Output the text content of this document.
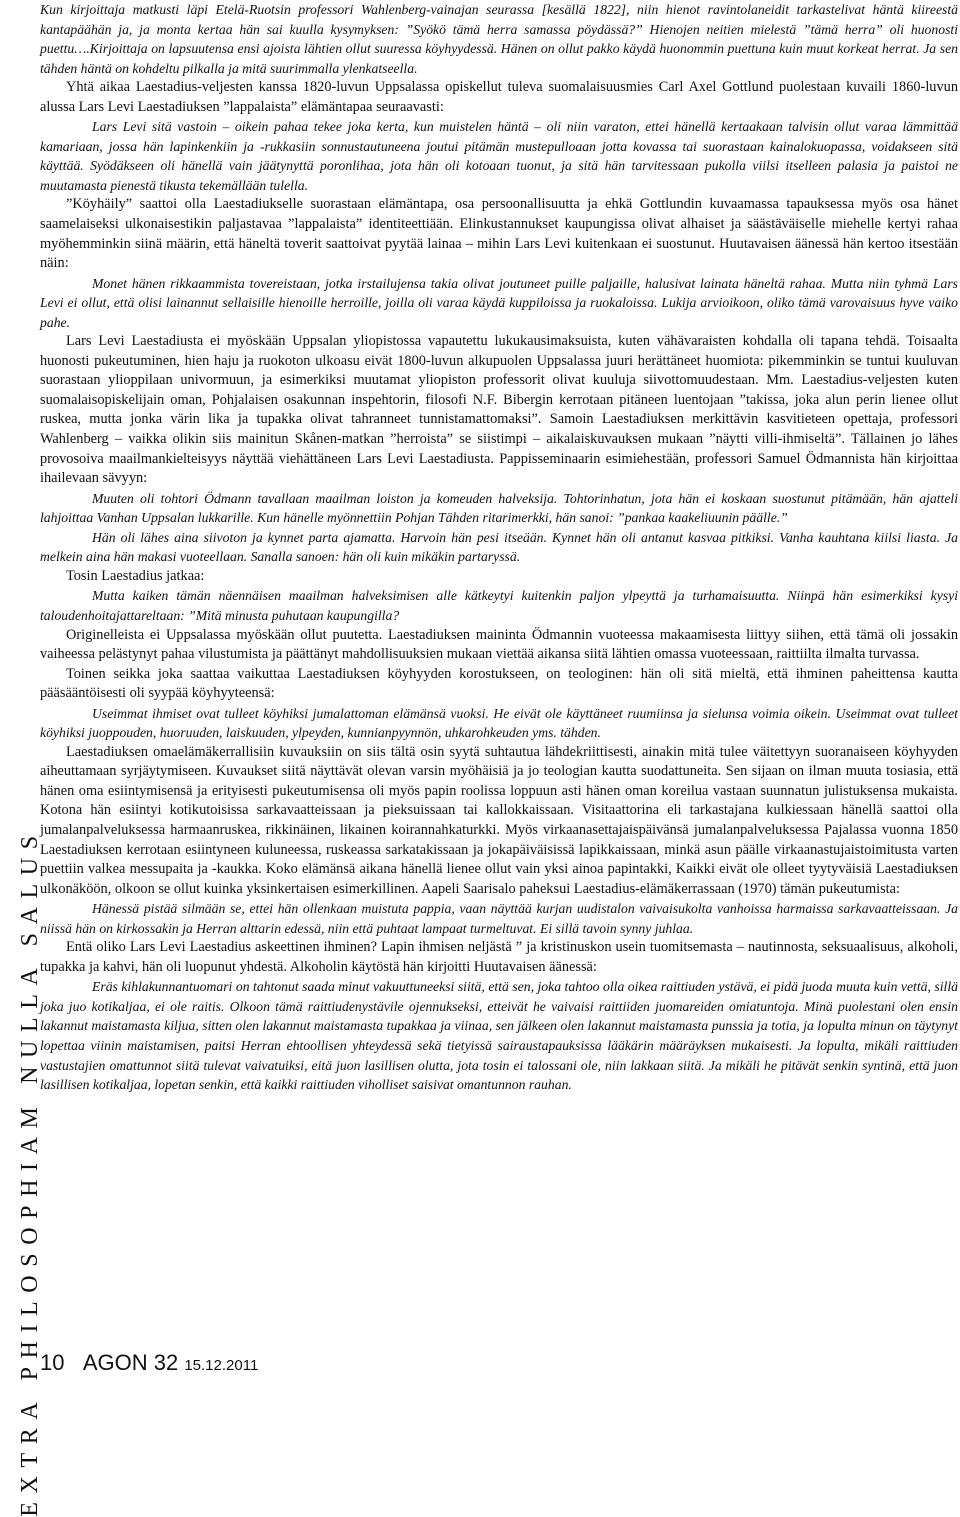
EXTRA PHILOSOPHIAM NULLA SALUS

Kun kirjoittaja matkusti läpi Etelä-Ruotsin professori Wahlenberg-vainajan seurassa [kesällä 1822], niin hienot ravintolaneidit tarkastelivat häntä kiireestä kantapäähän ja, ja monta kertaa hän sai kuulla kysymyksen: ”Syökö tämä herra samassa pöydässä?” Hienojen neitien mielestä ”tämä herra” oli huonosti puettu….Kirjoittaja on lapsuutensa ensi ajoista lähtien ollut suuressa köyhyydessä. Hänen on ollut pakko käydä huonommin puettuna kuin muut korkeat herrat. Ja sen tähden häntä on kohdeltu pilkalla ja mitä suurimmalla ylenkatseella.

Yhtä aikaa Laestadius-veljesten kanssa 1820-luvun Uppsalassa opiskellut tuleva suomalaisuusmies Carl Axel Gottlund puolestaan kuvaili 1860-luvun alussa Lars Levi Laestadiuksen ”lappalaista” elämäntapaa seuraavasti:

Lars Levi sitä vastoin – oikein pahaa tekee joka kerta, kun muistelen häntä – oli niin varaton, ettei hänellä kertaakaan talvisin ollut varaa lämmittää kamariaan, jossa hän lapinkenkiin ja -rukkasiin sonnustautuneena joutui pitämän mustepulloaan jotta kovassa tai suorastaan kainalokuopassa, voidakseen sitä käyttää. Syödäkseen oli hänellä vain jäätynyttä poronlihaa, jota hän oli kotoaan tuonut, ja sitä hän tarvitessaan pukolla viilsi itselleen palasia ja paistoi ne muutamasta pienestä tikusta tekemällään tulella.

”Köyhäily” saattoi olla Laestadiukselle suorastaan elämäntapa, osa persoonallisuutta ja ehkä Gottlundin kuvaamassa tapauksessa myös osa hänet saamelaiseksi ulkonaisestikin paljastavaa ”lappalaista” identiteettiään. Elinkustannukset kaupungissa olivat alhaiset ja säästäväiselle miehelle kertyi rahaa myöhemminkin siinä määrin, että häneltä toverit saattoivat pyytää lainaa – mihin Lars Levi kuitenkaan ei suostunut. Huutavaisen äänessä hän kertoo itsestään näin:

Monet hänen rikkaammista tovereistaan, jotka irstailujensa takia olivat joutuneet puille paljaille, halusivat lainata häneltä rahaa. Mutta niin tyhmä Lars Levi ei ollut, että olisi lainannut sellaisille hienoille herroille, joilla oli varaa käydä kuppiloissa ja ruokaloissa. Lukija arvioikoon, oliko tämä varovaisuus hyve vaiko pahe.

Lars Levi Laestadiusta ei myöskään Uppsalan yliopistossa vapautettu lukukausimaksuista, kuten vähävaraisten kohdalla oli tapana tehdä. Toisaalta huonosti pukeutuminen, hien haju ja ruokoton ulkoasu eivät 1800-luvun alkupuolen Uppsalassa juuri herättäneet huomiota: pikemminkin se tuntui kuuluvan suorastaan ylioppilaan univormuun, ja esimerkiksi muutamat yliopiston professorit olivat kuuluja siivottomuudestaan. Mm. Laestadius-veljesten kuten suomalaisopiskelijain oman, Pohjalaisen osakunnan inspehtorin, filosofi N.F. Bibergin kerrotaan pitäneen luentojaan ”takissa, joka alun perin lienee ollut ruskea, mutta jonka värin lika ja tupakka olivat tahranneet tunnistamattomaksi”. Samoin Laestadiuksen merkittävin kasvitieteen opettaja, professori Wahlenberg – vaikka olikin siis mainitun Skånen-matkan ”herroista” se siistimpi – aikalaiskuvauksen mukaan ”näytti villi-ihmiseltä”. Tällainen jo lähes provosoiva maailmankielteisyys näyttää viehättäneen Lars Levi Laestadiusta. Pappisseminaarin esimiehestään, professori Samuel Ödmannista hän kirjoittaa ihailevaan sävyyn:

Muuten oli tohtori Ödmann tavallaan maailman loiston ja komeuden halveksija. Tohtorinhatun, jota hän ei koskaan suostunut pitämään, hän ajatteli lahjoittaa Vanhan Uppsalan lukkarille. Kun hänelle myönnettiin Pohjan Tähden ritarimerkki, hän sanoi: ”pankaa kaakeliuunin päälle.”

Hän oli lähes aina siivoton ja kynnet parta ajamatta. Harvoin hän pesi itseään. Kynnet hän oli antanut kasvaa pitkiksi. Vanha kauhtana kiilsi liasta. Ja melkein aina hän makasi vuoteellaan. Sanalla sanoen: hän oli kuin mikäkin partaryssä.

Tosin Laestadius jatkaa:

Mutta kaiken tämän näennäisen maailman halveksimisen alle kätkeytyi kuitenkin paljon ylpeyttä ja turhamaisuutta. Niinpä hän esimerkiksi kysyi taloudenhoitajattareltaan: ”Mitä minusta puhutaan kaupungilla?

Originelleista ei Uppsalassa myöskään ollut puutetta. Laestadiuksen maininta Ödmannin vuoteessa makaamisesta liittyy siihen, että tämä oli jossakin vaiheessa pelästynyt pahaa vilustumista ja päättänyt mahdollisuuksien mukaan viettää aikansa siitä lähtien omassa vuoteessaan, raittiilta ilmalta turvassa.

Toinen seikka joka saattaa vaikuttaa Laestadiuksen köyhyyden korostukseen, on teologinen: hän oli sitä mieltä, että ihminen paheittensa kautta pääsääntöisesti oli syypää köyhyyteensä:

Useimmat ihmiset ovat tulleet köyhiksi jumalattoman elämänsä vuoksi. He eivät ole käyttäneet ruumiinsa ja sielunsa voimia oikein. Useimmat ovat tulleet köyhiksi juoppouden, huoruuden, laiskuuden, ylpeyden, kunnianpyynnön, uhkarohkeuden yms. tähden.

Laestadiuksen omaelämäkerrallisiin kuvauksiin on siis tältä osin syytä suhtautua lähdekriittisesti, ainakin mitä tulee väitettyyn suoranaiseen köyhyyden aiheuttamaan syrjäytymiseen. Kuvaukset siitä näyttävät olevan varsin myöhäisiä ja jo teologian kautta suodattuneita. Sen sijaan on ilman muuta tosiasia, että hänen oma esiintymisensä ja erityisesti pukeutumisensa oli myös papin roolissa loppuun asti hänen oman koreilua vastaan suunnatun julistuksensa mukaista. Kotona hän esiintyi kotikutoisissa sarkavaatteissaan ja pieksuissaan tai kallokkaissaan. Visitaattorina eli tarkastajana kulkiessaan hänellä saattoi olla jumalanpalveluksessa harmaanruskea, rikkinäinen, likainen koirannahkaturkki. Myös virkaanasettajaispäivänsä jumalanpalveluksessa Pajalassa vuonna 1850 Laestadiuksen kerrotaan esiintyneen kuluneessa, ruskeassa sarkatakissaan ja jokapäiväisissä lapikkaissaan, minkä asun päälle virkaanastujaistoimitusta varten puettiin valkea messupaita ja -kaukka. Koko elämänsä aikana hänellä lienee ollut vain yksi ainoa papintakki, Kaikki eivät ole olleet tyytyväisiä Laestadiuksen ulkonäköön, olkoon se ollut kuinka yksinkertaisen esimerkillinen. Aapeli Saarisalo paheksui Laestadius-elämäkerrassaan (1970) tämän pukeutumista:

Hänessä pistää silmään se, ettei hän ollenkaan muistuta pappia, vaan näyttää kurjan uudistalon vaivaisukolta vanhoissa harmaissa sarkavaatteissaan. Ja niissä hän on kirkossakin ja Herran alttarin edessä, niin että puhtaat lampaat turmeltuvat. Ei sillä tavoin synny juhlaa.

Entä oliko Lars Levi Laestadius askeettinen ihminen? Lapin ihmisen neljästä ” ja kristinuskon usein tuomitsemasta – nautinnosta, seksuaalisuus, alkoholi, tupakka ja kahvi, hän oli luopunut yhdestä. Alkoholin käytöstä hän kirjoitti Huutavaisen äänessä:

Eräs kihlakunnantuomari on tahtonut saada minut vakuuttuneeksi siitä, että sen, joka tahtoo olla oikea raittiuden ystävä, ei pidä juoda muuta kuin vettä, sillä joka juo kotikaljaa, ei ole raitis. Olkoon tämä raittiudenystävile ojennukseksi, etteivät he vaivaisi raittiiden juomareiden omiatuntoja. Minä puolestani olen ensin lakannut maistamasta kiljua, sitten olen lakannut maistamasta tupakkaa ja viinaa, sen jälkeen olen lakannut maistamasta punssia ja totia, ja lopulta minun on täytynyt lopettaa viinin maistamisen, paitsi Herran ehtoollisen yhteydessä sekä tietyissä sairaustapauksissa lääkärin määräyksen mukaisesti. Ja lopulta, mikäli raittiuden vastustajien omattunnot siitä tulevat vaivatuiksi, eitä juon lasillisen olutta, jota tosin ei talossani ole, niin lakkaan siitä. Ja mikäli he pitävät senkin syntinä, että juon lasillisen kotikaljaa, lopetan senkin, että kaikki raittiuden viholliset saisivat omantunnon rauhan.

10 AGON 32 15.12.2011
